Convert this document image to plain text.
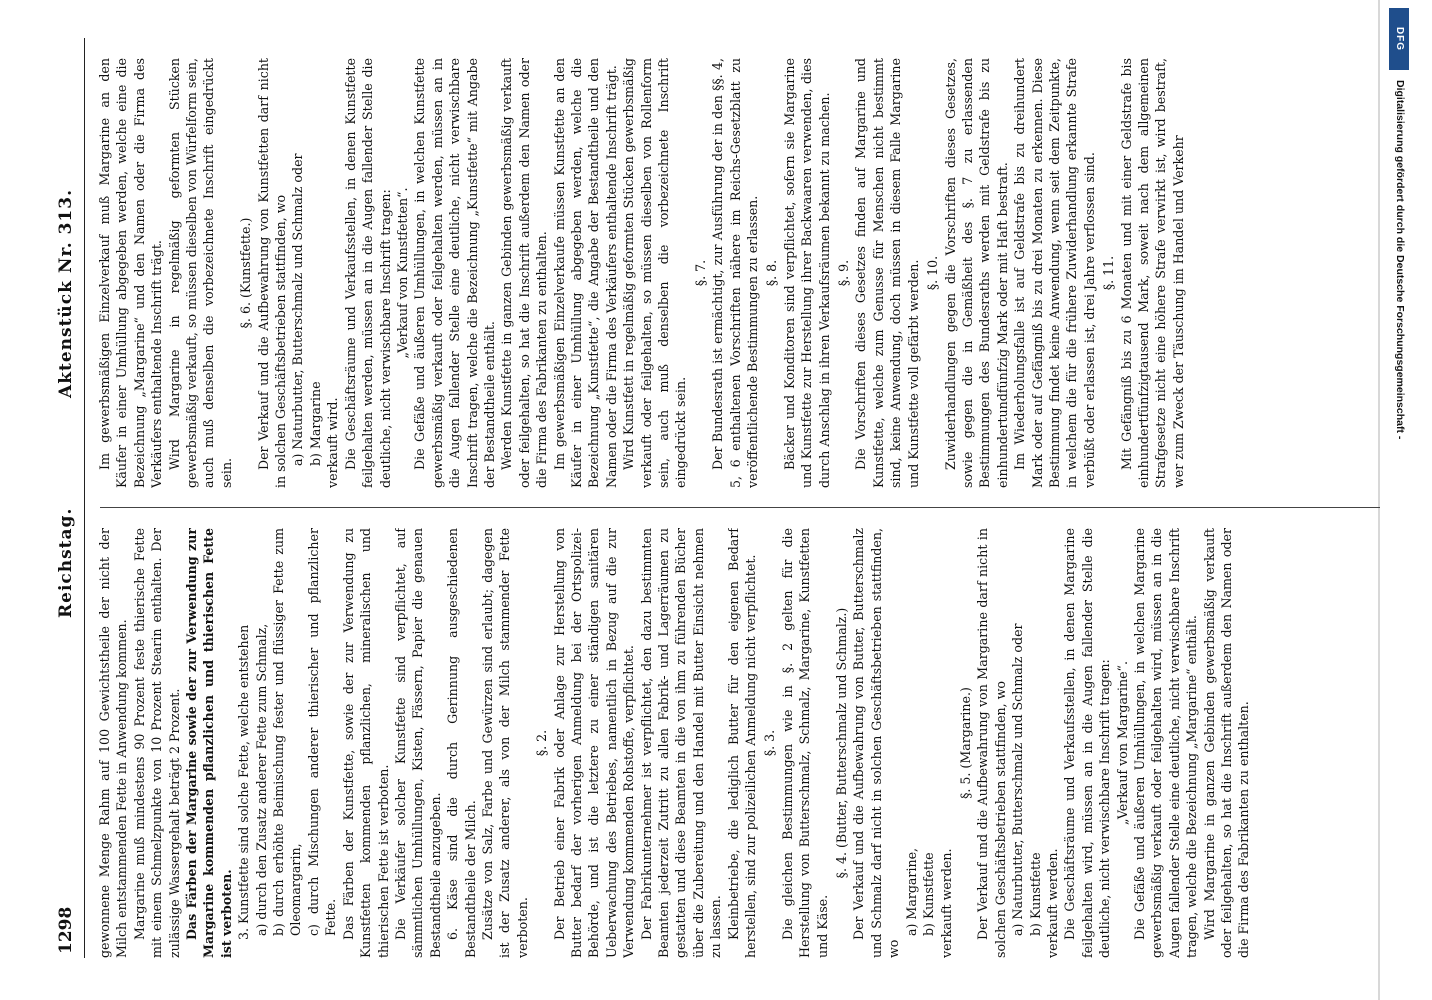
1298
Reichstag.
Aktenstück Nr. 313.

gewonnene Menge Rahm auf 100 Gewichtstheile der nicht der Milch entstammenden Fette in Anwendung kommen. Margarine muß mindestens 90 Prozent feste thierische Fette mit einem Schmelzpunkte von 10 Prozent Stearin enthalten. Der zulässige Wassergehalt beträgt 2 Prozent. Das Färben der Margarine sowie der zur Verwendung zur Margarine kommenden pflanzlichen und thierischen Fette ist verboten. 3. Kunstfette sind solche Fette, welche entstehen a) durch den Zusatz anderer Fette zum Schmalz, b) durch erhöhte Beimischung fester und flüssiger Fette zum Oleomargarin, c) durch Mischungen anderer thierischer und pflanzlicher Fette. Das Färben der Kunstfette, sowie der zur Verwendung zu Kunstfetten kommenden pflanzlichen, mineralischen und thierischen Fette ist verboten. Die Verkäufer solcher Kunstfette sind verpflichtet, auf sämmtlichen Umhüllungen, Kisten, Fässern, Papier die genauen Bestandtheile anzugeben. 6. Käse sind die durch Gerinnung ausgeschiedenen Bestandtheile der Milch. Zusätze von Salz, Farbe und Gewürzen sind erlaubt; dagegen ist der Zusatz anderer, als von der Milch stammender Fette verboten.

§. 2. Der Betrieb einer Fabrik oder Anlage zur Herstellung von Butter bedarf der vorherigen Anmeldung bei der Ortspolizei-Behörde, und ist die letztere zu einer ständigen sanitären Ueberwachung des Betriebes, namentlich in Bezug auf die zur Verwendung kommenden Rohstoffe, verpflichtet. Der Fabrikunternehmer ist verpflichtet, den dazu bestimmten Beamten jederzeit Zutritt zu allen Fabrik- und Lagerräumen zu gestatten und diese Beamten in die von ihm zu führenden Bücher über die Zubereitung und den Handel mit Butter Einsicht nehmen zu lassen. Kleinbetriebe, die lediglich Butter für den eigenen Bedarf herstellen, sind zur polizeilichen Anmeldung nicht verpflichtet. §. 3. Die gleichen Bestimmungen wie in §. 2 gelten für die Herstellung von Butterschmalz, Schmalz, Margarine, Kunstfetten und Käse.

§. 4. (Butter, Butterschmalz und Schmalz.) Der Verkauf und die Aufbewahrung von Butter, Butterschmalz und Schmalz darf nicht in solchen Geschäftsbetrieben stattfinden, wo

a) Margarine, b) Kunstfette verkauft werden.

§. 5. (Margarine.) Der Verkauf und die Aufbewahrung von Margarine darf nicht in solchen Geschäftsbetrieben stattfinden, wo a) Naturbutter, Butterschmalz und Schmalz oder b) Kunstfette verkauft werden. Die Geschäftsräume und Verkaufsstellen, in denen Margarine feilgehalten wird, müssen an in die Augen fallender Stelle die deutliche, nicht verwischbare Inschrift tragen: „Verkauf von Margarine“. Die Gefäße und äußeren Umhüllungen, in welchen Margarine gewerbsmäßig verkauft oder feilgehalten wird, müssen an in die Augen fallender Stelle eine deutliche, nicht verwischbare Inschrift tragen, welche die Bezeichnung „Margarine“ enthält. Wird Margarine in ganzen Gebinden gewerbsmäßig verkauft oder feilgehalten, so hat die Inschrift außerdem den Namen oder die Firma des Fabrikanten zu enthalten.

Im gewerbsmäßigen Einzelverkauf muß Margarine an den Käufer in einer Umhüllung abgegeben werden, welche eine die Bezeichnung „Margarine“ und den Namen oder die Firma des Verkäufers enthaltende Inschrift trägt. Wird Margarine in regelmäßig geformten Stücken gewerbsmäßig verkauft, so müssen dieselben von Würfelform sein, auch muß denselben die vorbezeichnete Inschrift eingedrückt sein.

§. 6. (Kunstfette.) Der Verkauf und die Aufbewahrung von Kunstfetten darf nicht in solchen Geschäftsbetrieben stattfinden, wo a) Naturbutter, Butterschmalz und Schmalz oder b) Margarine verkauft wird. Die Geschäftsräume und Verkaufsstellen, in denen Kunstfette feilgehalten werden, müssen an in die Augen fallender Stelle die deutliche, nicht verwischbare Inschrift tragen: „Verkauf von Kunstfetten“. Die Gefäße und äußeren Umhüllungen, in welchen Kunstfette gewerbsmäßig verkauft oder feilgehalten werden, müssen an in die Augen fallender Stelle eine deutliche, nicht verwischbare Inschrift tragen, welche die Bezeichnung „Kunstfette“ mit Angabe der Bestandtheile enthält. Werden Kunstfette in ganzen Gebinden gewerbsmäßig verkauft oder feilgehalten, so hat die Inschrift außerdem den Namen oder die Firma des Fabrikanten zu enthalten. Im gewerbsmäßigen Einzelverkaufe müssen Kunstfette an den Käufer in einer Umhüllung abgegeben werden, welche die Bezeichnung „Kunstfette“, die Angabe der Bestandtheile und den Namen oder die Firma des Verkäufers enthaltende Inschrift trägt. Wird Kunstfett in regelmäßig geformten Stücken gewerbsmäßig verkauft oder feilgehalten, so müssen dieselben von Rollenform sein, auch muß denselben die vorbezeichnete Inschrift eingedrückt sein.

§. 7. Der Bundesrath ist ermächtigt, zur Ausführung der in den §§. 4, 5, 6 enthaltenen Vorschriften nähere im Reichs-Gesetzblatt zu veröffentlichende Bestimmungen zu erlassen. §. 8. Bäcker und Konditoren sind verpflichtet, sofern sie Margarine und Kunstfette zur Herstellung ihrer Backwaaren verwenden, dies durch Anschlag in ihren Verkaufsräumen bekannt zu machen. §. 9. Die Vorschriften dieses Gesetzes finden auf Margarine und Kunstfette, welche zum Genusse für Menschen nicht bestimmt sind, keine Anwendung, doch müssen in diesem Falle Margarine und Kunstfette voll gefärbt werden. §. 10. Zuwiderhandlungen gegen die Vorschriften dieses Gesetzes, sowie gegen die in Gemäßheit des §. 7 zu erlassenden Bestimmungen des Bundesraths werden mit Geldstrafe bis zu einhundertundfünfzig Mark oder mit Haft bestraft. Im Wiederholungsfalle ist auf Geldstrafe bis zu dreihundert Mark oder auf Gefängniß bis zu drei Monaten zu erkennen. Diese Bestimmung findet keine Anwendung, wenn seit dem Zeitpunkte, in welchem die für die frühere Zuwiderhandlung erkannte Strafe verbüßt oder erlassen ist, drei Jahre verflossen sind. §. 11. Mit Gefängniß bis zu 6 Monaten und mit einer Geldstrafe bis einhundertfünfzigtausend Mark, soweit nach dem allgemeinen Strafgesetze nicht eine höhere Strafe verwirkt ist, wird bestraft, wer zum Zweck der Täuschung im Handel und Verkehr	Digitalisierung gefördert durch die Deutsche Forschungsgemeinschaft -
DFG
